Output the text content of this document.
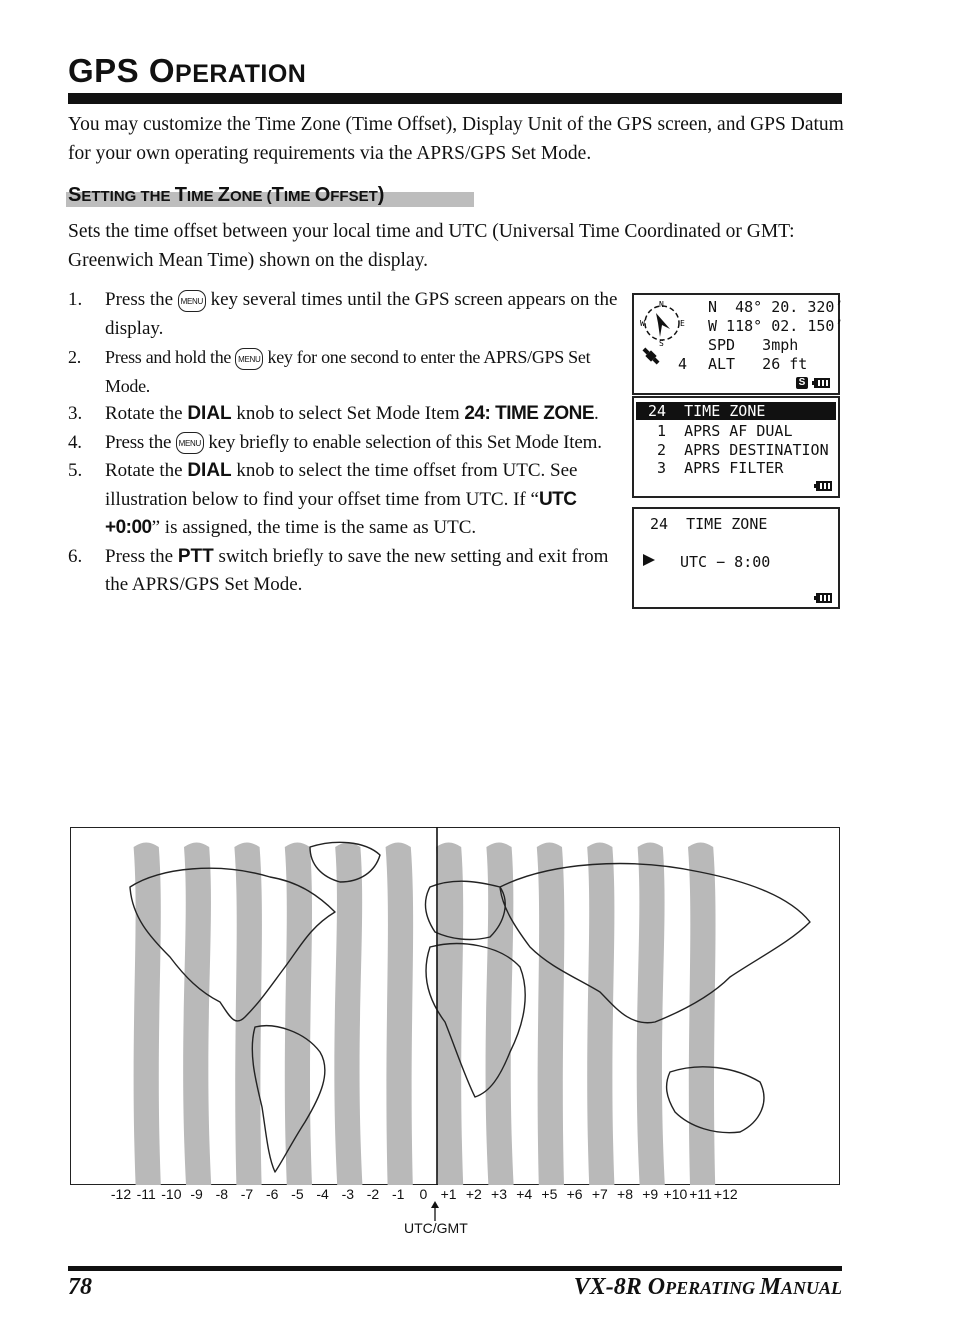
GPS OPERATION
You may customize the Time Zone (Time Offset), Display Unit of the GPS screen, and GPS Datum for your own operating requirements via the APRS/GPS Set Mode.
SETTING THE TIME ZONE (TIME OFFSET)
Sets the time offset between your local time and UTC (Universal Time Coordinated or GMT: Greenwich Mean Time) shown on the display.
1. Press the MENU key several times until the GPS screen appears on the display.
2. Press and hold the MENU key for one second to enter the APRS/GPS Set Mode.
3. Rotate the DIAL knob to select Set Mode Item 24: TIME ZONE.
4. Press the MENU key briefly to enable selection of this Set Mode Item.
5. Rotate the DIAL knob to select the time offset from UTC. See illustration below to find your offset time from UTC. If “UTC +0:00” is assigned, the time is the same as UTC.
6. Press the PTT switch briefly to save the new setting and exit from the APRS/GPS Set Mode.
N
E
S
W
N  48° 20. 320’
W 118° 02. 150’
SPD   3mph
4 ALT   26 ft
S
24  TIME ZONE
1  APRS AF DUAL
2  APRS DESTINATION
3  APRS FILTER
24  TIME ZONE
UTC − 8:00
-12 -11 -10 -9 -8 -7 -6 -5 -4 -3 -2 -1 0 +1 +2 +3 +4 +5 +6 +7 +8 +9 +10 +11 +12
UTC/GMT
78	VX-8R OPERATING MANUAL
